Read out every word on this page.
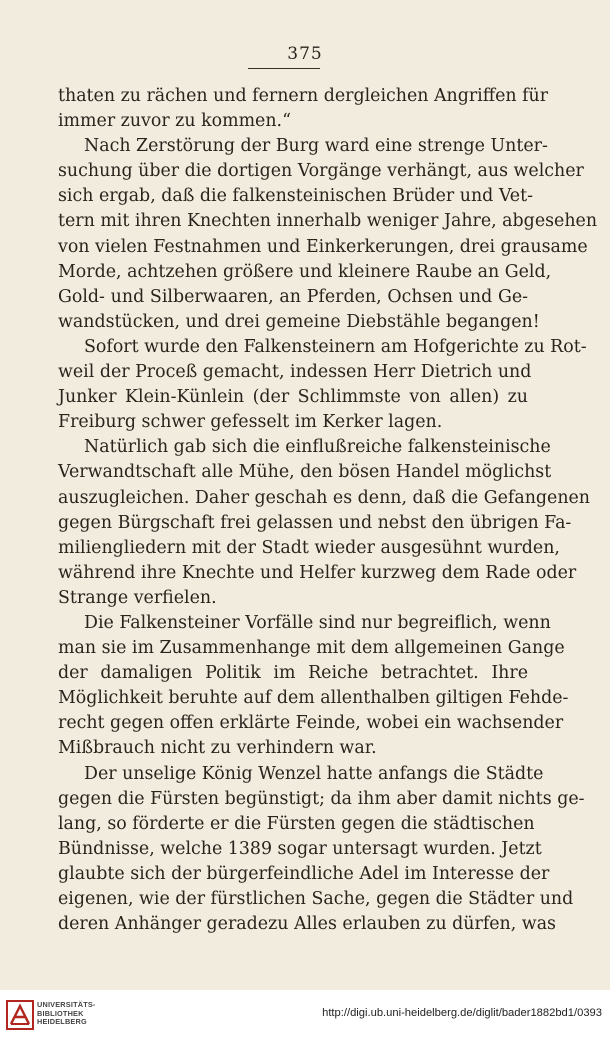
375
thaten zu rächen und fernern dergleichen Angriffen für
immer zuvor zu kommen.“
Nach Zerstörung der Burg ward eine strenge Unter-
suchung über die dortigen Vorgänge verhängt, aus welcher
sich ergab, daß die falkensteinischen Brüder und Vet-
tern mit ihren Knechten innerhalb weniger Jahre, abgesehen
von vielen Festnahmen und Einkerkerungen, drei grausame
Morde, achtzehen größere und kleinere Raube an Geld,
Gold- und Silberwaaren, an Pferden, Ochsen und Ge-
wandstücken, und drei gemeine Diebstähle begangen!
Sofort wurde den Falkensteinern am Hofgerichte zu Rot-
weil der Proceß gemacht, indessen Herr Dietrich und
Junker Klein-Künlein (der Schlimmste von allen) zu
Freiburg schwer gefesselt im Kerker lagen.
Natürlich gab sich die einflußreiche falkensteinische
Verwandtschaft alle Mühe, den bösen Handel möglichst
auszugleichen. Daher geschah es denn, daß die Gefangenen
gegen Bürgschaft frei gelassen und nebst den übrigen Fa-
miliengliedern mit der Stadt wieder ausgesühnt wurden,
während ihre Knechte und Helfer kurzweg dem Rade oder
Strange verfielen.
Die Falkensteiner Vorfälle sind nur begreiflich, wenn
man sie im Zusammenhange mit dem allgemeinen Gange
der damaligen Politik im Reiche betrachtet. Ihre
Möglichkeit beruhte auf dem allenthalben giltigen Fehde-
recht gegen offen erklärte Feinde, wobei ein wachsender
Mißbrauch nicht zu verhindern war.
Der unselige König Wenzel hatte anfangs die Städte
gegen die Fürsten begünstigt; da ihm aber damit nichts ge-
lang, so förderte er die Fürsten gegen die städtischen
Bündnisse, welche 1389 sogar untersagt wurden. Jetzt
glaubte sich der bürgerfeindliche Adel im Interesse der
eigenen, wie der fürstlichen Sache, gegen die Städter und
deren Anhänger geradezu Alles erlauben zu dürfen, was
UNIVERSITÄTS-
BIBLIOTHEK
HEIDELBERG
http://digi.ub.uni-heidelberg.de/diglit/bader1882bd1/0393
